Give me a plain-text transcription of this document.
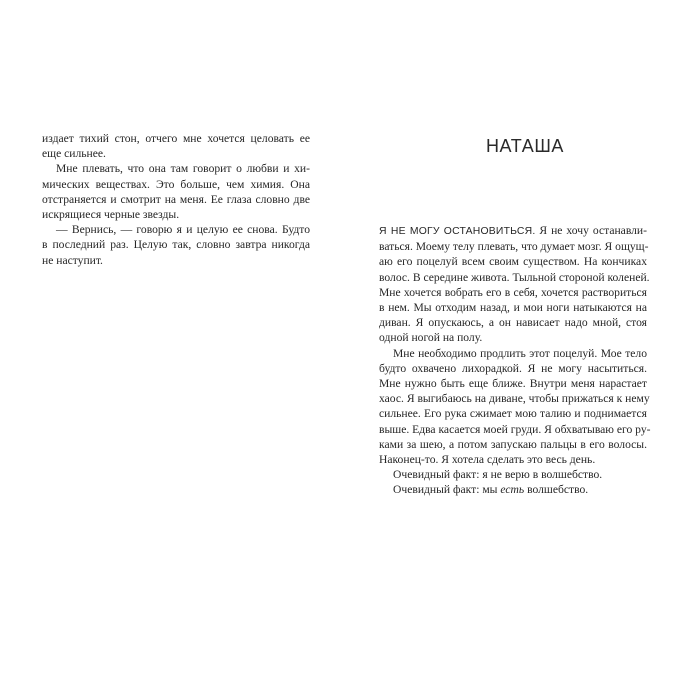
издает тихий стон, отчего мне хочется целовать ее
еще сильнее.
Мне плевать, что она там говорит о любви и хи-
мических веществах. Это больше, чем химия. Она
отстраняется и смотрит на меня. Ее глаза словно две
искрящиеся черные звезды.
— Вернись, — говорю я и целую ее снова. Будто
в последний раз. Целую так, словно завтра никогда
не наступит.
НАТАША
Я НЕ МОГУ ОСТАНОВИТЬСЯ. Я не хочу останавли-
ваться. Моему телу плевать, что думает мозг. Я ощущ-
аю его поцелуй всем своим существом. На кончиках
волос. В середине живота. Тыльной стороной коленей.
Мне хочется вобрать его в себя, хочется раствориться
в нем. Мы отходим назад, и мои ноги натыкаются на
диван. Я опускаюсь, а он нависает надо мной, стоя
одной ногой на полу.
Мне необходимо продлить этот поцелуй. Мое тело
будто охвачено лихорадкой. Я не могу насытиться.
Мне нужно быть еще ближе. Внутри меня нарастает
хаос. Я выгибаюсь на диване, чтобы прижаться к нему
сильнее. Его рука сжимает мою талию и поднимается
выше. Едва касается моей груди. Я обхватываю его ру-
ками за шею, а потом запускаю пальцы в его волосы.
Наконец-то. Я хотела сделать это весь день.
Очевидный факт: я не верю в волшебство.
Очевидный факт: мы есть волшебство.
